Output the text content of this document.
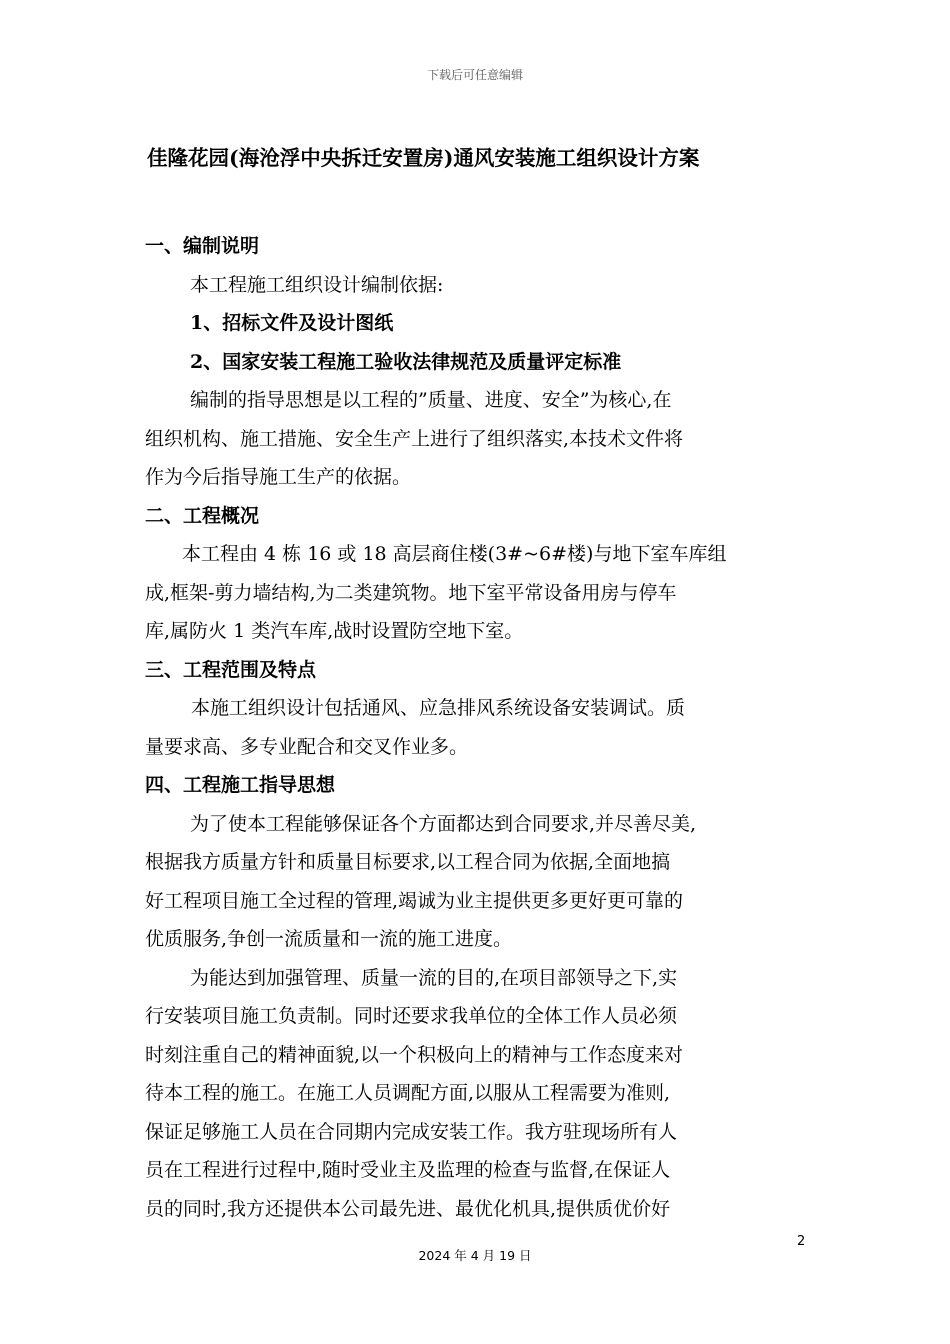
下载后可任意编辑
佳隆花园(海沧浮中央拆迁安置房)通风安装施工组织设计方案
一、编制说明
本工程施工组织设计编制依据:
1、招标文件及设计图纸
2、国家安装工程施工验收法律规范及质量评定标准
编制的指导思想是以工程的”质量、进度、安全”为核心,在
组织机构、施工措施、安全生产上进行了组织落实,本技术文件将
作为今后指导施工生产的依据。
二、工程概况
本工程由 4 栋 16 或 18 高层商住楼(3#~6#楼)与地下室车库组
成,框架-剪力墙结构,为二类建筑物。地下室平常设备用房与停车
库,属防火 1 类汽车库,战时设置防空地下室。
三、工程范围及特点
本施工组织设计包括通风、应急排风系统设备安装调试。质
量要求高、多专业配合和交叉作业多。
四、工程施工指导思想
为了使本工程能够保证各个方面都达到合同要求,并尽善尽美,
根据我方质量方针和质量目标要求,以工程合同为依据,全面地搞
好工程项目施工全过程的管理,竭诚为业主提供更多更好更可靠的
优质服务,争创一流质量和一流的施工进度。
为能达到加强管理、质量一流的目的,在项目部领导之下,实
行安装项目施工负责制。同时还要求我单位的全体工作人员必须
时刻注重自己的精神面貌,以一个积极向上的精神与工作态度来对
待本工程的施工。在施工人员调配方面,以服从工程需要为准则,
保证足够施工人员在合同期内完成安装工作。我方驻现场所有人
员在工程进行过程中,随时受业主及监理的检查与监督,在保证人
员的同时,我方还提供本公司最先进、最优化机具,提供质优价好
2
2024 年 4 月 19 日
